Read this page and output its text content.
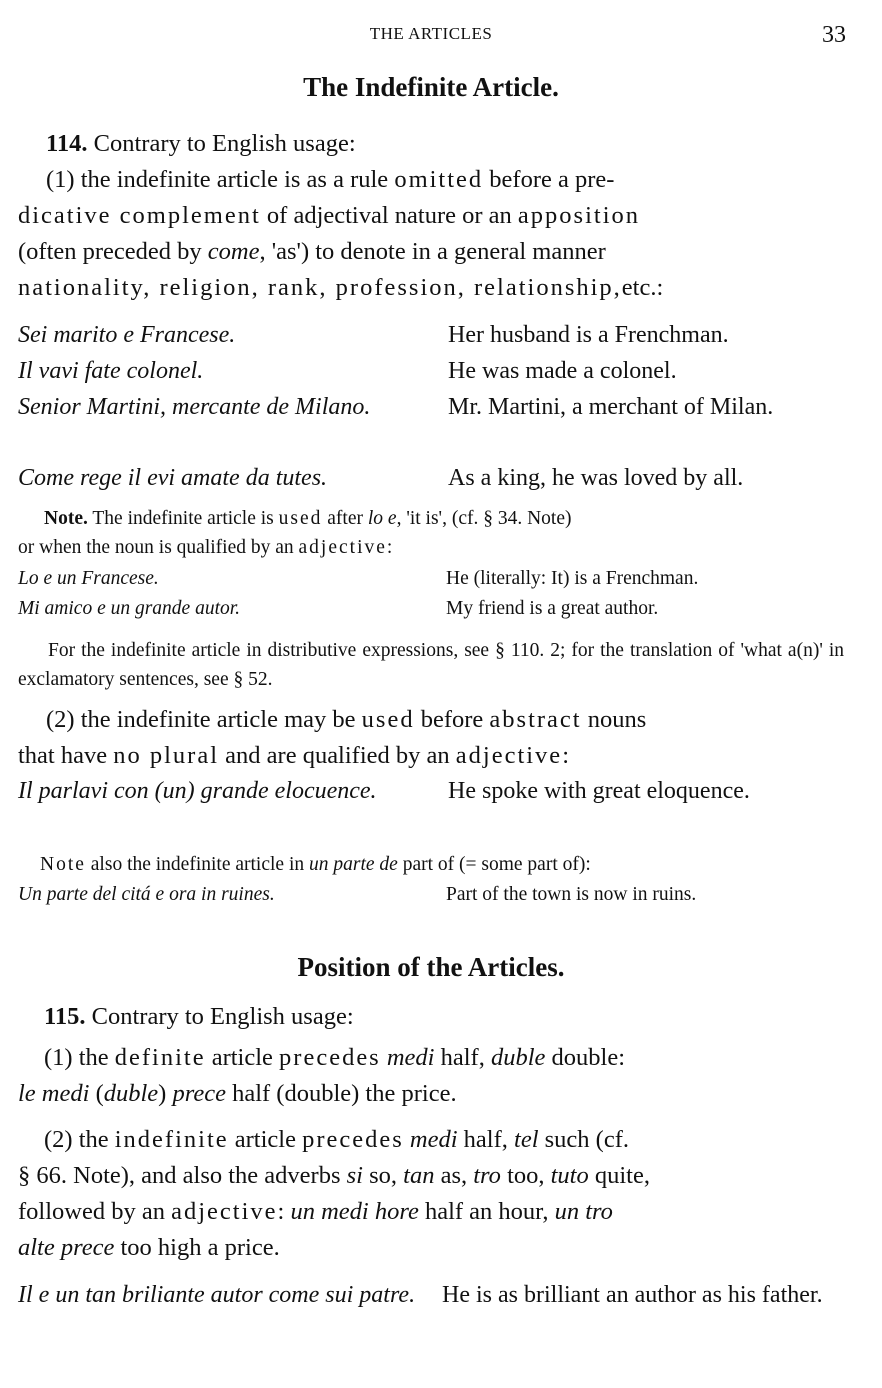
THE ARTICLES	33
The Indefinite Article.

114. Contrary to English usage:

(1) the indefinite article is as a rule omitted before a pre-
dicative complement of adjectival nature or an apposition
(often preceded by come, 'as') to denote in a general manner
nationality, religion, rank, profession, relationship,etc.:

Sei marito e Francese.	Her husband is a Frenchman.
Il vavi fate colonel.	He was made a colonel.
Senior Martini, mercante de Milano.	Mr. Martini, a merchant of Milan.
Come rege il evi amate da tutes.	As a king, he was loved by all.

Note. The indefinite article is used after lo e, 'it is', (cf. § 34. Note)
or when the noun is qualified by an adjective:

Lo e un Francese.	He (literally: It) is a Frenchman.
Mi amico e un grande autor.	My friend is a great author.

For the indefinite article in distributive expressions, see § 110. 2; for the translation of 'what a(n)' in exclamatory sentences, see § 52.

(2) the indefinite article may be used before abstract nouns
that have no plural and are qualified by an adjective:

Il parlavi con (un) grande elocuence.	He spoke with great eloquence.

Note also the indefinite article in un parte de part of (= some part of):

Un parte del citá e ora in ruines.	Part of the town is now in ruins.
Position of the Articles.

115. Contrary to English usage:

(1) the definite article precedes medi half, duble double:
le medi (duble) prece half (double) the price.

(2) the indefinite article precedes medi half, tel such (cf.
§ 66. Note), and also the adverbs si so, tan as, tro too, tuto quite,
followed by an adjective: un medi hore half an hour, un tro
alte prece too high a price.

Il e un tan briliante autor come sui patre.	He is as brilliant an author as his father.
